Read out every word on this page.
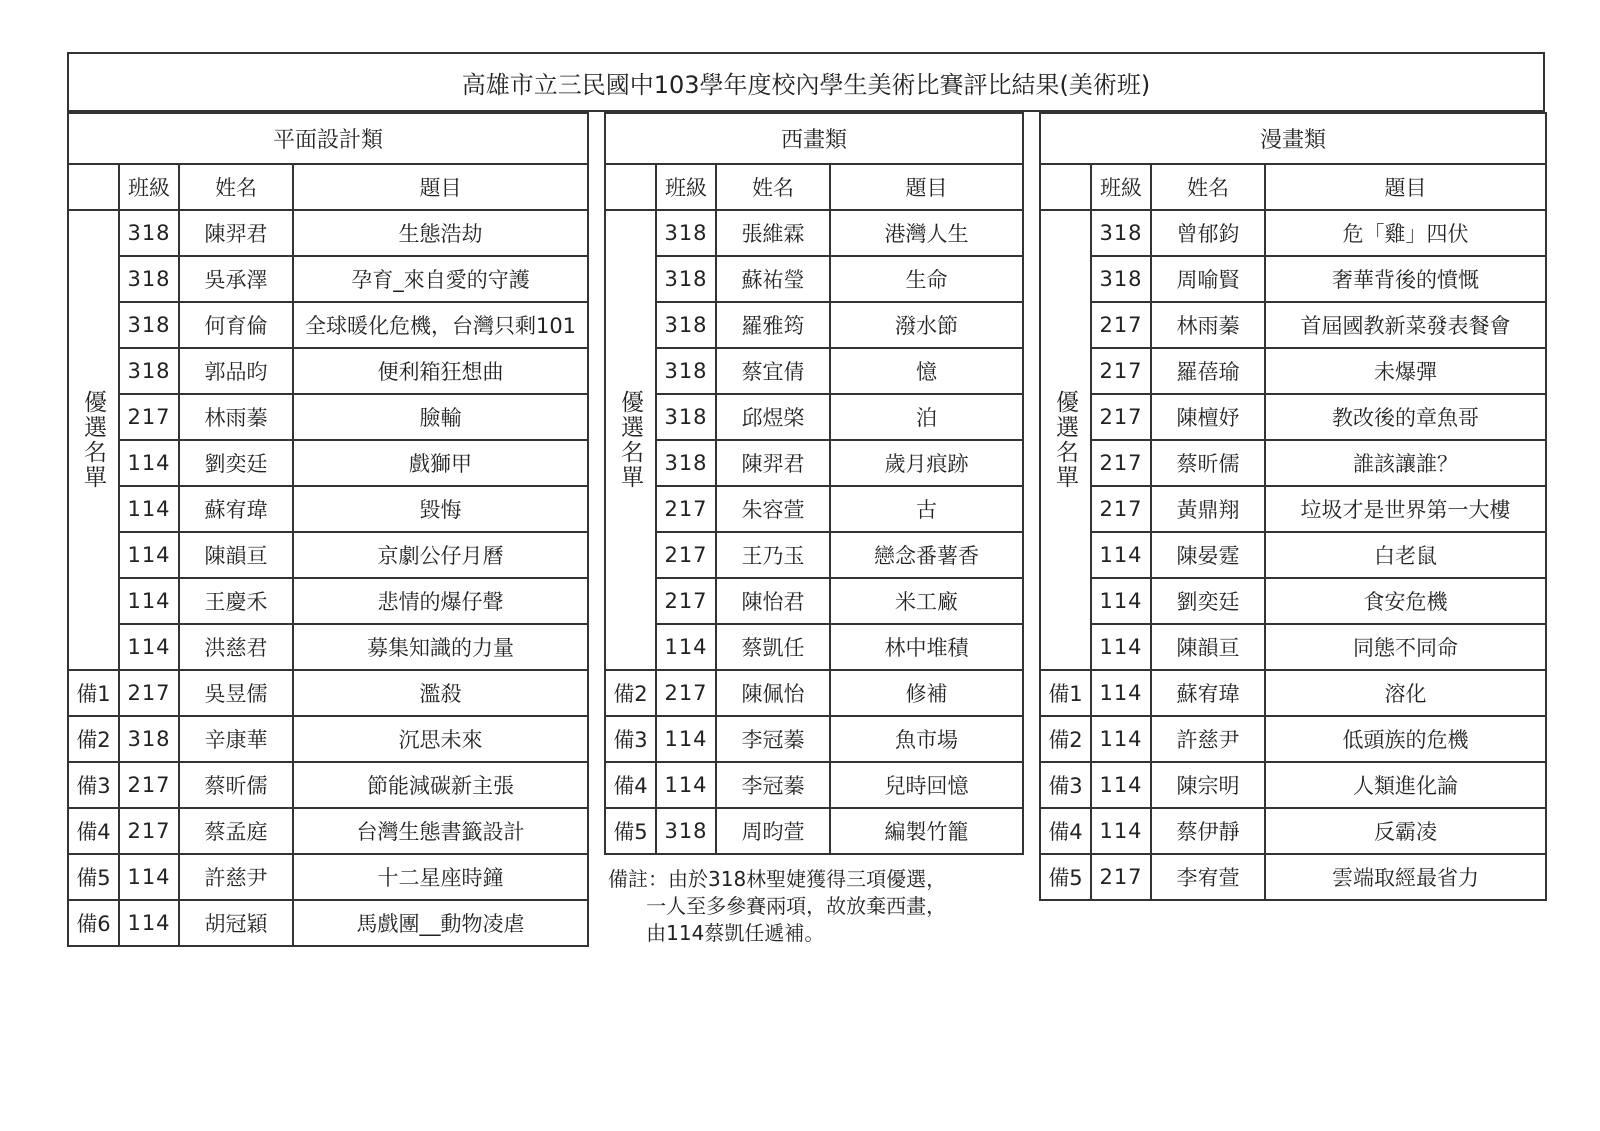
高雄市立三民國中103學年度校內學生美術比賽評比結果(美術班)
平面設計類			
	班級	姓名	題目
優選名單	318	陳羿君	生態浩劫
	318	吳承澤	孕育_來自愛的守護
	318	何育倫	全球暖化危機，台灣只剩101
	318	郭品昀	便利箱狂想曲
	217	林雨蓁	臉輸
	114	劉奕廷	戲獅甲
	114	蘇宥瑋	毀悔
	114	陳韻亘	京劇公仔月曆
	114	王慶禾	悲情的爆仔聲
	114	洪慈君	募集知識的力量
備1	217	吳昱儒	濫殺
備2	318	辛康華	沉思未來
備3	217	蔡昕儒	節能減碳新主張
備4	217	蔡孟庭	台灣生態書籤設計
備5	114	許慈尹	十二星座時鐘
備6	114	胡冠穎	馬戲團__動物凌虐
西畫類			
	班級	姓名	題目
優選名單	318	張維霖	港灣人生
	318	蘇祐瑩	生命
	318	羅雅筠	潑水節
	318	蔡宜倩	憶
	318	邱煜棨	泊
	318	陳羿君	歲月痕跡
	217	朱容萱	古
	217	王乃玉	戀念番薯香
	217	陳怡君	米工廠
	114	蔡凱任	林中堆積
備2	217	陳佩怡	修補
備3	114	李冠蓁	魚市場
備4	114	李冠蓁	兒時回憶
備5	318	周昀萱	編製竹籠
漫畫類			
	班級	姓名	題目
優選名單	318	曾郁鈞	危「雞」四伏
	318	周喻賢	奢華背後的憤慨
	217	林雨蓁	首屆國教新菜發表餐會
	217	羅蓓瑜	未爆彈
	217	陳檀妤	教改後的章魚哥
	217	蔡昕儒	誰該讓誰？
	217	黃鼎翔	垃圾才是世界第一大樓
	114	陳晏霆	白老鼠
	114	劉奕廷	食安危機
	114	陳韻亘	同態不同命
備1	114	蘇宥瑋	溶化
備2	114	許慈尹	低頭族的危機
備3	114	陳宗明	人類進化論
備4	114	蔡伊靜	反霸凌
備5	217	李宥萱	雲端取經最省力
備註：由於318林聖婕獲得三項優選，
一人至多參賽兩項，故放棄西畫，
由114蔡凱任遞補。
